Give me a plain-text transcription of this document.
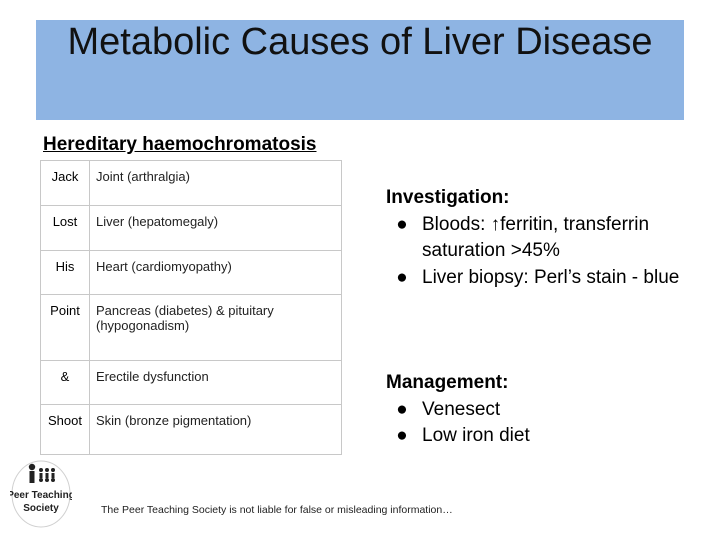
Metabolic Causes of Liver Disease
Hereditary haemochromatosis
Jack	Joint (arthralgia)
Lost	Liver (hepatomegaly)
His	Heart (cardiomyopathy)
Point	Pancreas (diabetes) & pituitary (hypogonadism)
&	Erectile dysfunction
Shoot	Skin (bronze pigmentation)
Investigation:
● Bloods: ↑ferritin, transferrin saturation >45%
● Liver biopsy: Perl’s stain - blue
Management:
● Venesect
● Low iron diet
Peer Teaching
Society	The Peer Teaching Society is not liable for false or misleading information…
